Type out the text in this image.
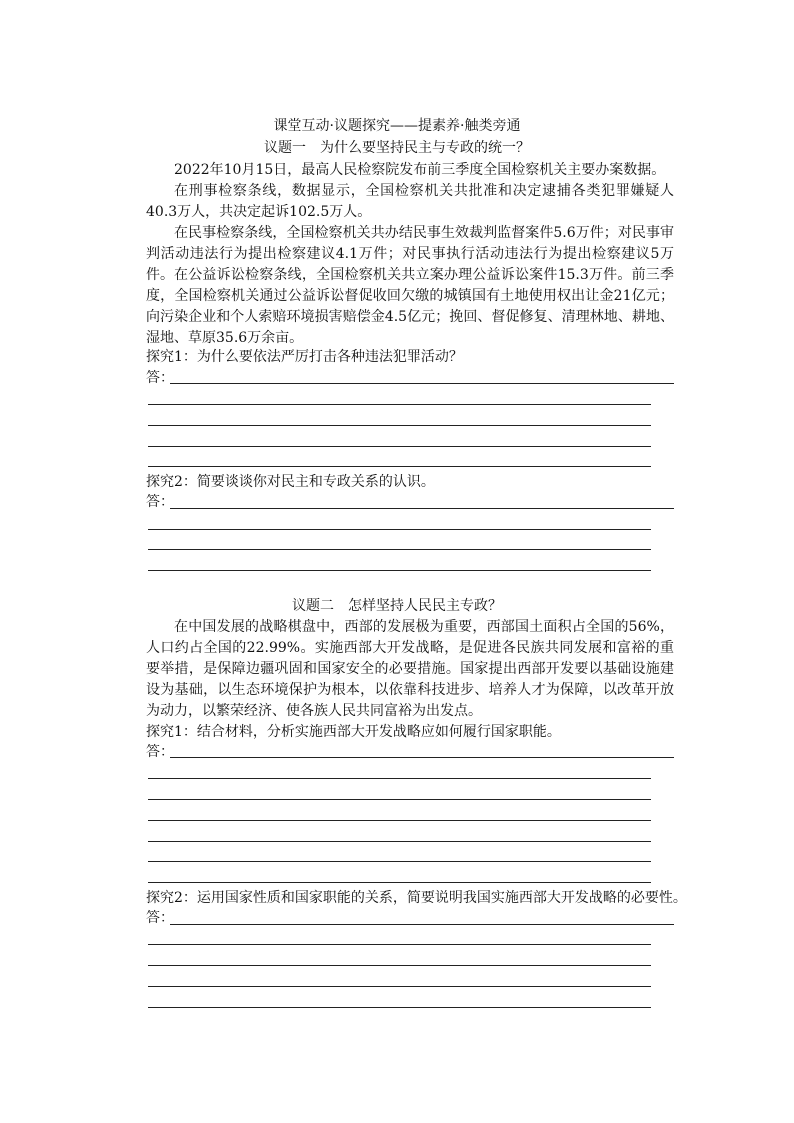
课堂互动·议题探究——提素养·触类旁通
议题一　为什么要坚持民主与专政的统一？
2022年10月15日，最高人民检察院发布前三季度全国检察机关主要办案数据。
在刑事检察条线，数据显示，全国检察机关共批准和决定逮捕各类犯罪嫌疑人40.3万人，共决定起诉102.5万人。
在民事检察条线，全国检察机关共办结民事生效裁判监督案件5.6万件；对民事审判活动违法行为提出检察建议4.1万件；对民事执行活动违法行为提出检察建议5万件。 在公益诉讼检察条线，全国检察机关共立案办理公益诉讼案件15.3万件。前三季度，全国检察机关通过公益诉讼督促收回欠缴的城镇国有土地使用权出让金21亿元；向污染企业和个人索赔环境损害赔偿金4.5亿元；挽回、督促修复、清理林地、耕地、湿地、草原35.6万余亩。
探究1：为什么要依法严厉打击各种违法犯罪活动？
答：
探究2：简要谈谈你对民主和专政关系的认识。
答：
议题二　怎样坚持人民民主专政？
在中国发展的战略棋盘中，西部的发展极为重要，西部国土面积占全国的56%，人口约占全国的22.99%。实施西部大开发战略，是促进各民族共同发展和富裕的重要举措，是保障边疆巩固和国家安全的必要措施。国家提出西部开发要以基础设施建设为基础，以生态环境保护为根本，以依靠科技进步、培养人才为保障，以改革开放为动力，以繁荣经济、使各族人民共同富裕为出发点。
探究1：结合材料，分析实施西部大开发战略应如何履行国家职能。
答：
探究2：运用国家性质和国家职能的关系，简要说明我国实施西部大开发战略的必要性。
答：
